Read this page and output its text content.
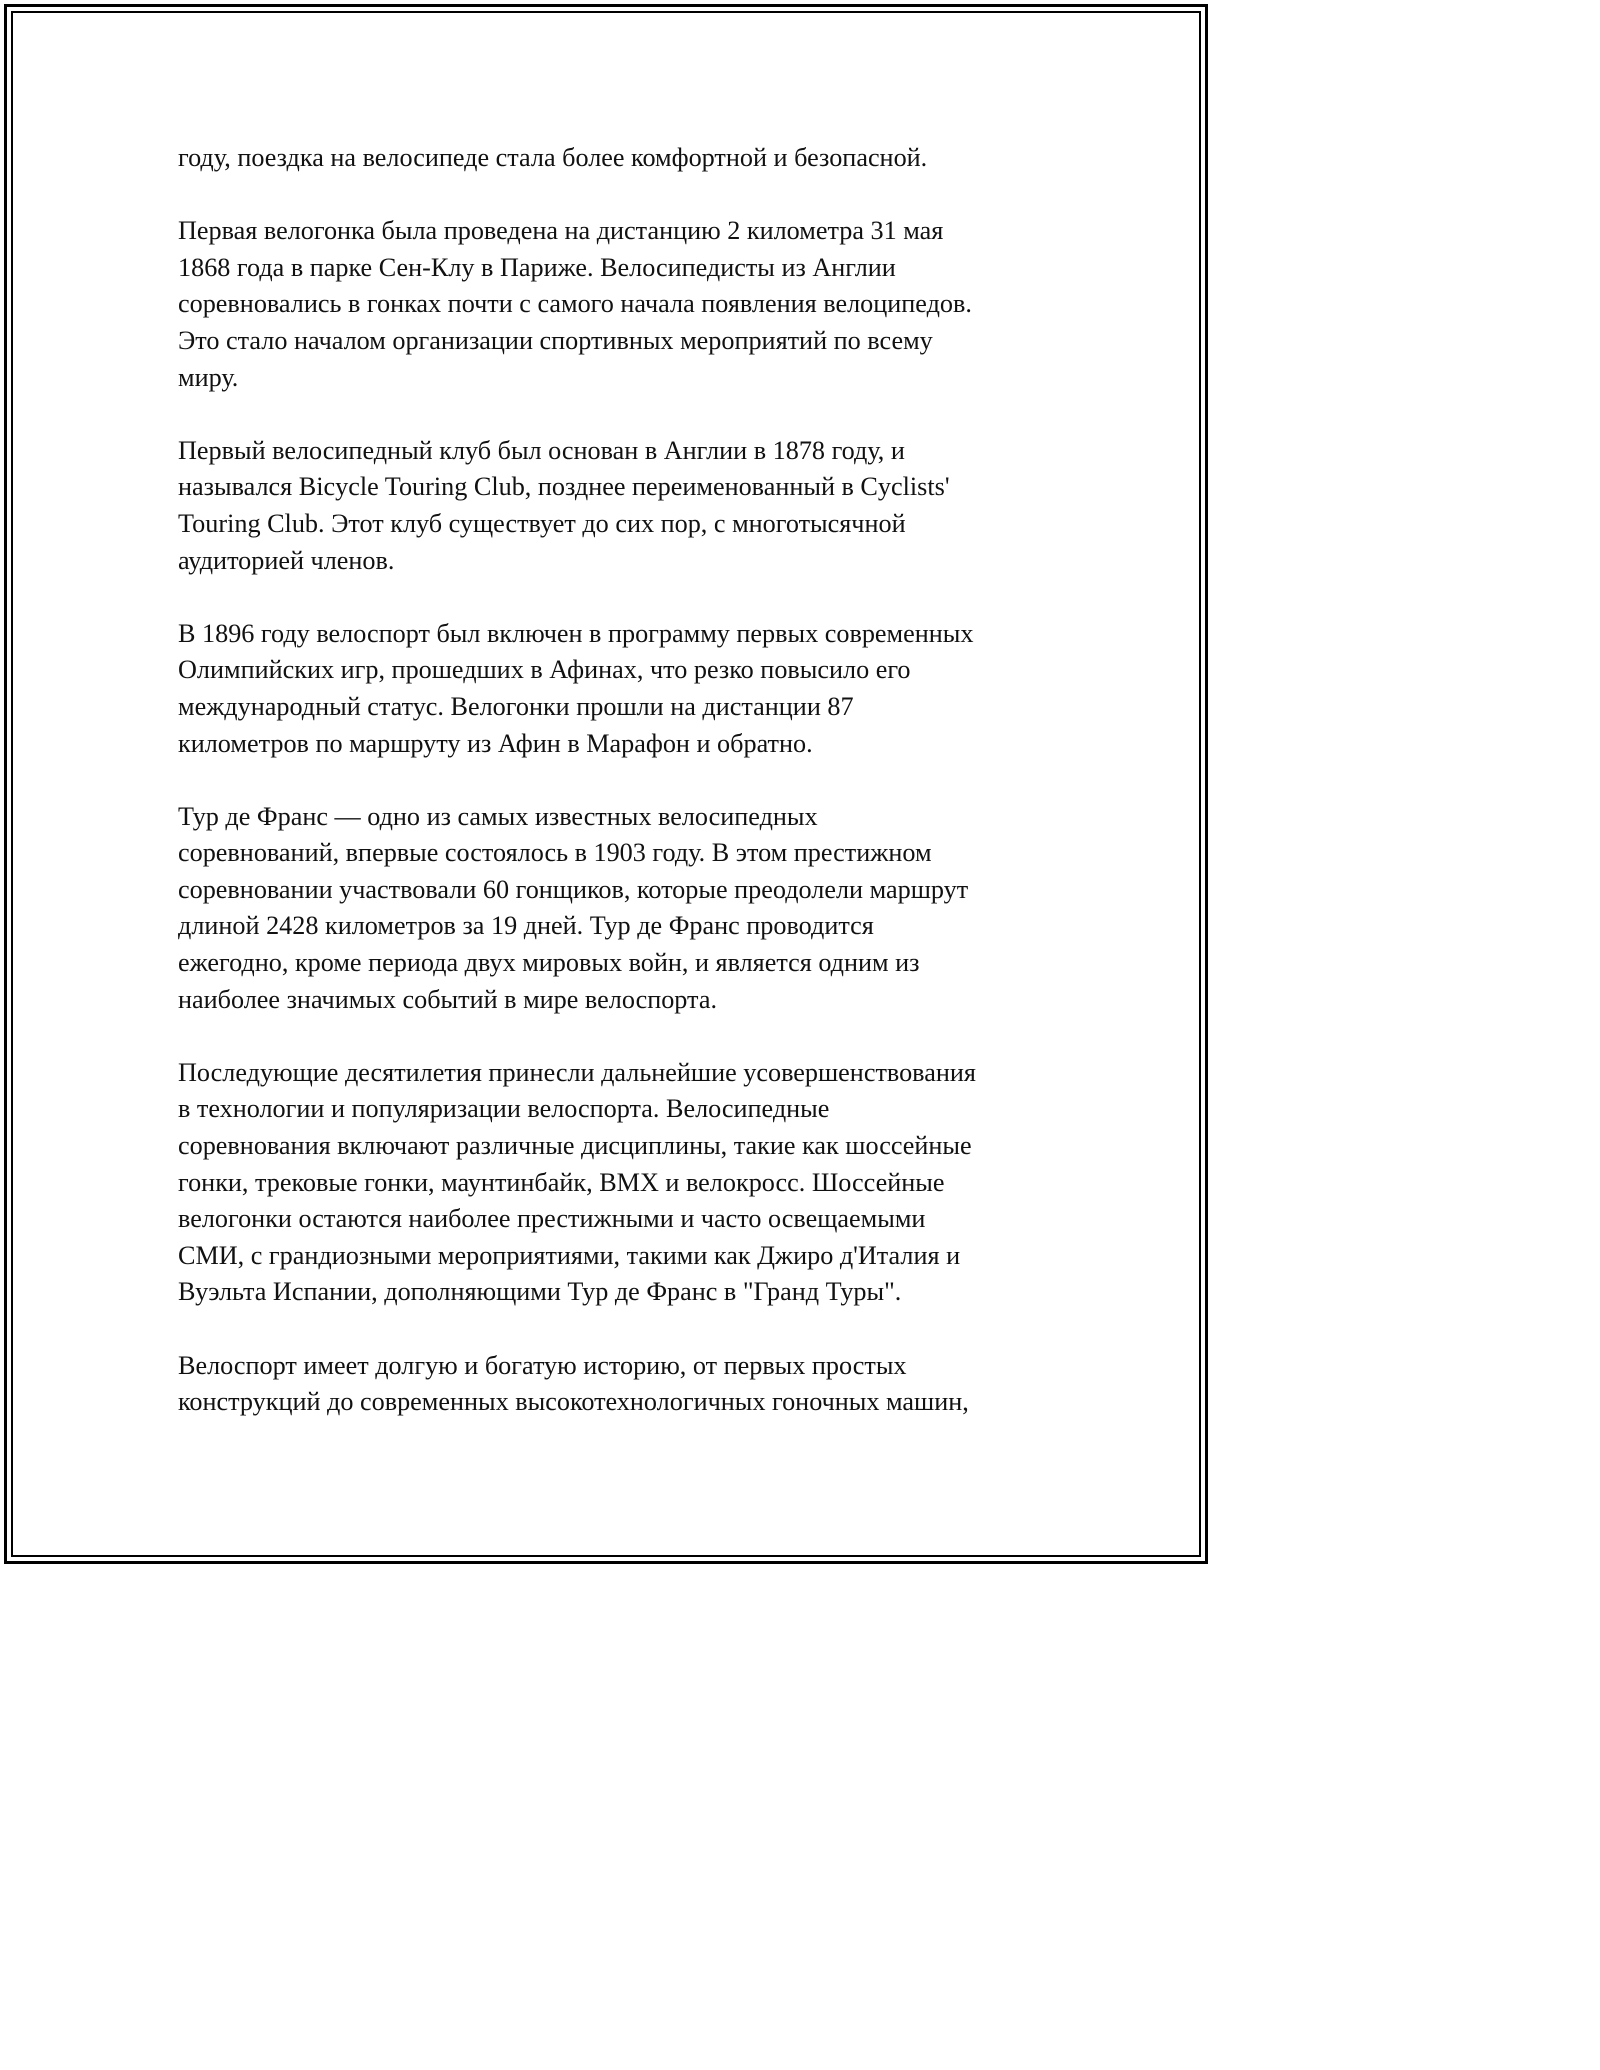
году, поездка на велосипеде стала более комфортной и безопасной.
Первая велогонка была проведена на дистанцию 2 километра 31 мая
1868 года в парке Сен-Клу в Париже. Велосипедисты из Англии
соревновались в гонках почти с самого начала появления велоципедов.
Это стало началом организации спортивных мероприятий по всему
миру.
Первый велосипедный клуб был основан в Англии в 1878 году, и
назывался Bicycle Touring Club, позднее переименованный в Cyclists'
Touring Club. Этот клуб существует до сих пор, с многотысячной
аудиторией членов.
В 1896 году велоспорт был включен в программу первых современных
Олимпийских игр, прошедших в Афинах, что резко повысило его
международный статус. Велогонки прошли на дистанции 87
километров по маршруту из Афин в Марафон и обратно.
Тур де Франс — одно из самых известных велосипедных
соревнований, впервые состоялось в 1903 году. В этом престижном
соревновании участвовали 60 гонщиков, которые преодолели маршрут
длиной 2428 километров за 19 дней. Тур де Франс проводится
ежегодно, кроме периода двух мировых войн, и является одним из
наиболее значимых событий в мире велоспорта.
Последующие десятилетия принесли дальнейшие усовершенствования
в технологии и популяризации велоспорта. Велосипедные
соревнования включают различные дисциплины, такие как шоссейные
гонки, трековые гонки, маунтинбайк, BMX и велокросс. Шоссейные
велогонки остаются наиболее престижными и часто освещаемыми
СМИ, с грандиозными мероприятиями, такими как Джиро д'Италия и
Вуэльта Испании, дополняющими Тур де Франс в "Гранд Туры".
Велоспорт имеет долгую и богатую историю, от первых простых
конструкций до современных высокотехнологичных гоночных машин,
